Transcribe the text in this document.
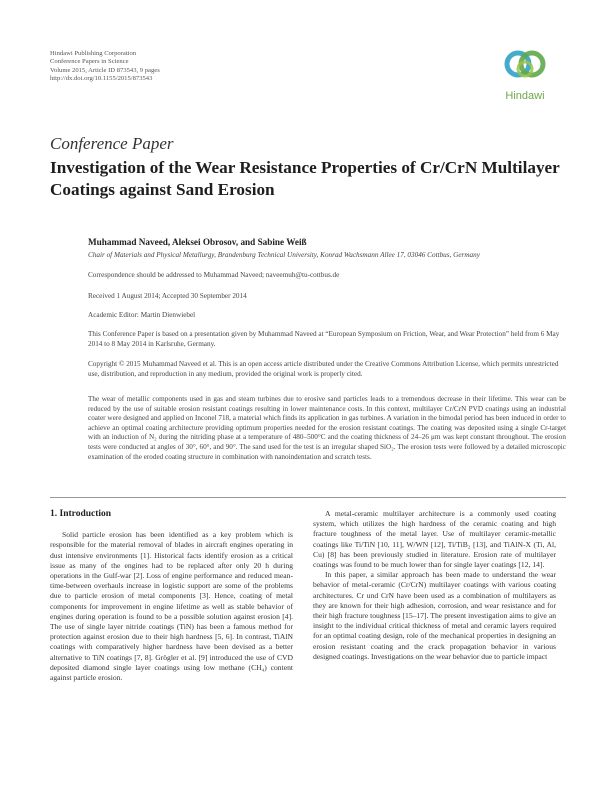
Hindawi Publishing Corporation
Conference Papers in Science
Volume 2015, Article ID 873543, 9 pages
http://dx.doi.org/10.1155/2015/873543
Hindawi
Conference Paper
Investigation of the Wear Resistance Properties of Cr/CrN Multilayer Coatings against Sand Erosion
Muhammad Naveed, Aleksei Obrosov, and Sabine Weiß
Chair of Materials and Physical Metallurgy, Brandenburg Technical University, Konrad Wachsmann Allee 17, 03046 Cottbus, Germany
Correspondence should be addressed to Muhammad Naveed; naveemuh@tu-cottbus.de
Received 1 August 2014; Accepted 30 September 2014
Academic Editor: Martin Dienwiebel
This Conference Paper is based on a presentation given by Muhammad Naveed at “European Symposium on Friction, Wear, and Wear Protection” held from 6 May 2014 to 8 May 2014 in Karlsruhe, Germany.
Copyright © 2015 Muhammad Naveed et al. This is an open access article distributed under the Creative Commons Attribution License, which permits unrestricted use, distribution, and reproduction in any medium, provided the original work is properly cited.
The wear of metallic components used in gas and steam turbines due to erosive sand particles leads to a tremendous decrease in their lifetime. This wear can be reduced by the use of suitable erosion resistant coatings resulting in lower maintenance costs. In this context, multilayer Cr/CrN PVD coatings using an industrial coater were designed and applied on Inconel 718, a material which finds its application in gas turbines. A variation in the bimodal period has been induced in order to achieve an optimal coating architecture providing optimum properties needed for the erosion resistant coatings. The coating was deposited using a single Cr-target with an induction of N₂ during the nitriding phase at a temperature of 480–500°C and the coating thickness of 24–26 μm was kept constant throughout. The erosion tests were conducted at angles of 30°, 60°, and 90°. The sand used for the test is an irregular shaped SiO₂. The erosion tests were followed by a detailed microscopic examination of the eroded coating structure in combination with nanoindentation and scratch tests.
1. Introduction

Solid particle erosion has been identified as a key problem which is responsible for the material removal of blades in aircraft engines operating in dust intensive environments [1]. Historical facts identify erosion as a critical issue as many of the engines had to be replaced after only 20 h during operations in the Gulf-war [2]. Loss of engine performance and reduced mean-time-between overhauls increase in logistic support are some of the problems due to particle erosion of metal components [3]. Hence, coating of metal components for improvement in engine lifetime as well as stable behavior of engines during operation is found to be a possible solution against erosion [4]. The use of single layer nitride coatings (TiN) has been a famous method for protection against erosion due to their high hardness [5, 6]. In contrast, TiAlN coatings with comparatively higher hardness have been devised as a better alternative to TiN coatings [7, 8]. Grögler et al. [9] introduced the use of CVD deposited diamond single layer coatings using low methane (CH₄) content against particle erosion.

A metal-ceramic multilayer architecture is a commonly used coating system, which utilizes the high hardness of the ceramic coating and high fracture toughness of the metal layer. Use of multilayer ceramic-metallic coatings like Ti/TiN [10, 11], W/WN [12], Ti/TiB₂ [13], and TiAlN-X (Ti, Al, Cu) [8] has been previously studied in literature. Erosion rate of multilayer coatings was found to be much lower than for single layer coatings [12, 14].

In this paper, a similar approach has been made to understand the wear behavior of metal-ceramic (Cr/CrN) multilayer coatings with various coating architectures. Cr und CrN have been used as a combination of multilayers as they are known for their high adhesion, corrosion, and wear resistance and for their high fracture toughness [15–17]. The present investigation aims to give an insight to the individual critical thickness of metal and ceramic layers required for an optimal coating design, role of the mechanical properties in designing an erosion resistant coating and the crack propagation behavior in various designed coatings. Investigations on the wear behavior due to particle impact
